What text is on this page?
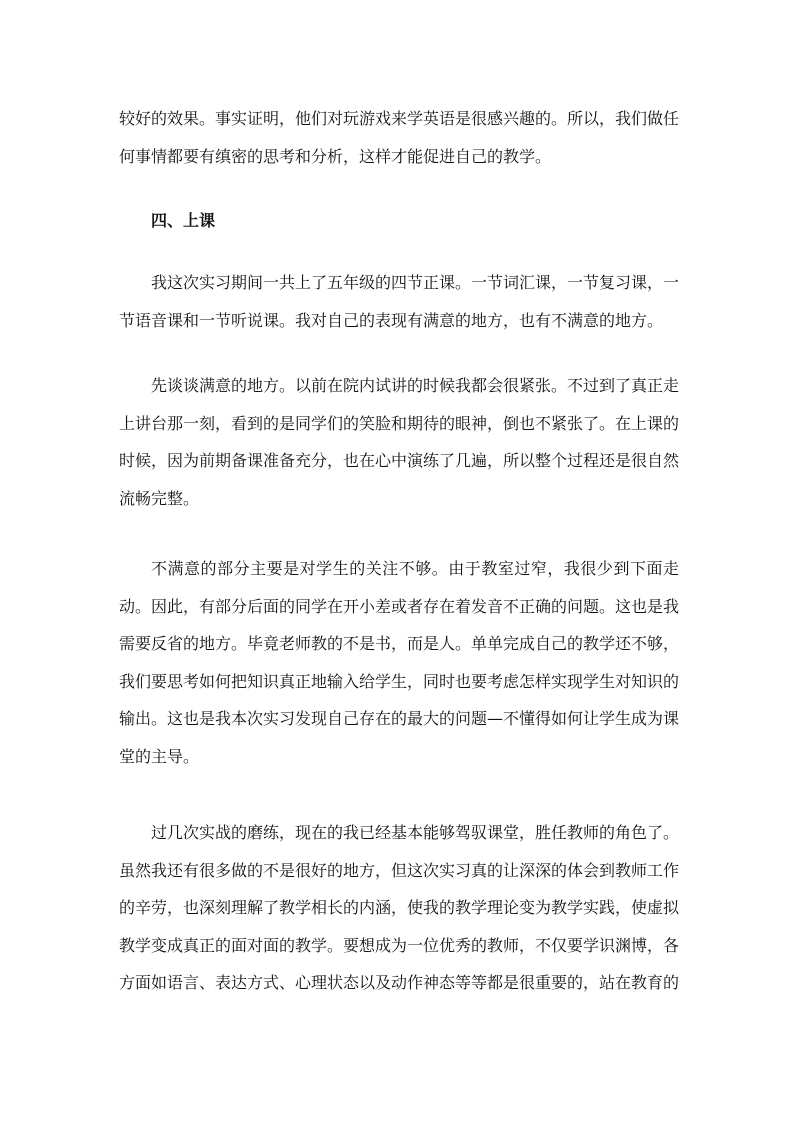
较好的效果。事实证明，他们对玩游戏来学英语是很感兴趣的。所以，我们做任何事情都要有缜密的思考和分析，这样才能促进自己的教学。

四、上课

我这次实习期间一共上了五年级的四节正课。一节词汇课，一节复习课，一节语音课和一节听说课。我对自己的表现有满意的地方，也有不满意的地方。

先谈谈满意的地方。以前在院内试讲的时候我都会很紧张。不过到了真正走上讲台那一刻，看到的是同学们的笑脸和期待的眼神，倒也不紧张了。在上课的时候，因为前期备课准备充分，也在心中演练了几遍，所以整个过程还是很自然流畅完整。

不满意的部分主要是对学生的关注不够。由于教室过窄，我很少到下面走动。因此，有部分后面的同学在开小差或者存在着发音不正确的问题。这也是我需要反省的地方。毕竟老师教的不是书，而是人。单单完成自己的教学还不够，我们要思考如何把知识真正地输入给学生，同时也要考虑怎样实现学生对知识的输出。这也是我本次实习发现自己存在的最大的问题—不懂得如何让学生成为课堂的主导。

过几次实战的磨练，现在的我已经基本能够驾驭课堂，胜任教师的角色了。虽然我还有很多做的不是很好的地方，但这次实习真的让深深的体会到教师工作的辛劳，也深刻理解了教学相长的内涵，使我的教学理论变为教学实践，使虚拟教学变成真正的面对面的教学。要想成为一位优秀的教师，不仅要学识渊博，各方面如语言、表达方式、心理状态以及动作神态等等都是很重要的，站在教育的
